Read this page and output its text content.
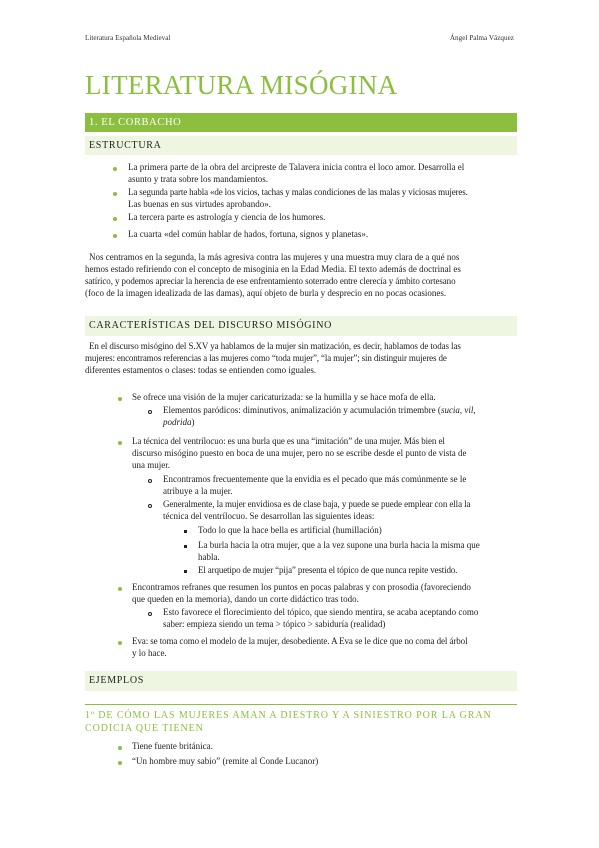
Literatura Española Medieval	Ángel Palma Vázquez
LITERATURA MISÓGINA
1. EL CORBACHO
ESTRUCTURA
La primera parte de la obra del arcipreste de Talavera inicia contra el loco amor. Desarrolla el
asunto y trata sobre los mandamientos.
La segunda parte habla «de los vicios, tachas y malas condiciones de las malas y viciosas mujeres.
Las buenas en sus virtudes aprobando».
La tercera parte es astrología y ciencia de los humores.
La cuarta «del común hablar de hados, fortuna, signos y planetas».
Nos centramos en la segunda, la más agresiva contra las mujeres y una muestra muy clara de a qué nos
hemos estado refiriendo con el concepto de misoginia en la Edad Media. El texto además de doctrinal es
satírico, y podemos apreciar la herencia de ese enfrentamiento soterrado entre clerecía y ámbito cortesano
(foco de la imagen idealizada de las damas), aquí objeto de burla y desprecio en no pocas ocasiones.
CARACTERÍSTICAS DEL DISCURSO MISÓGINO
En el discurso misógino del S.XV ya hablamos de la mujer sin matización, es decir, hablamos de todas las
mujeres: encontramos referencias a las mujeres como “toda mujer”, “la mujer”; sin distinguir mujeres de
diferentes estamentos o clases: todas se entienden como iguales.
Se ofrece una visión de la mujer caricaturizada: se la humilla y se hace mofa de ella.
Elementos paródicos: diminutivos, animalización y acumulación trimembre (sucia, vil,
podrida)
La técnica del ventrílocuo: es una burla que es una “imitación” de una mujer. Más bien el
discurso misógino puesto en boca de una mujer, pero no se escribe desde el punto de vista de
una mujer.
Encontramos frecuentemente que la envidia es el pecado que más comúnmente se le
atribuye a la mujer.
Generalmente, la mujer envidiosa es de clase baja, y puede se puede emplear con ella la
técnica del ventrílocuo. Se desarrollan las siguientes ideas:
Todo lo que la hace bella es artificial (humillación)
La burla hacia la otra mujer, que a la vez supone una burla hacia la misma que
habla.
El arquetipo de mujer “pija” presenta el tópico de que nunca repite vestido.
Encontramos refranes que resumen los puntos en pocas palabras y con prosodia (favoreciendo
que queden en la memoria), dando un corte didáctico tras todo.
Esto favorece el florecimiento del tópico, que siendo mentira, se acaba aceptando como
saber: empieza siendo un tema > tópico > sabiduría (realidad)
Eva: se toma como el modelo de la mujer, desobediente. A Eva se le dice que no coma del árbol
y lo hace.
EJEMPLOS
1º DE CÓMO LAS MUJERES AMAN A DIESTRO Y A SINIESTRO POR LA GRAN
CODICIA QUE TIENEN
Tiene fuente británica.
“Un hombre muy sabio” (remite al Conde Lucanor)
